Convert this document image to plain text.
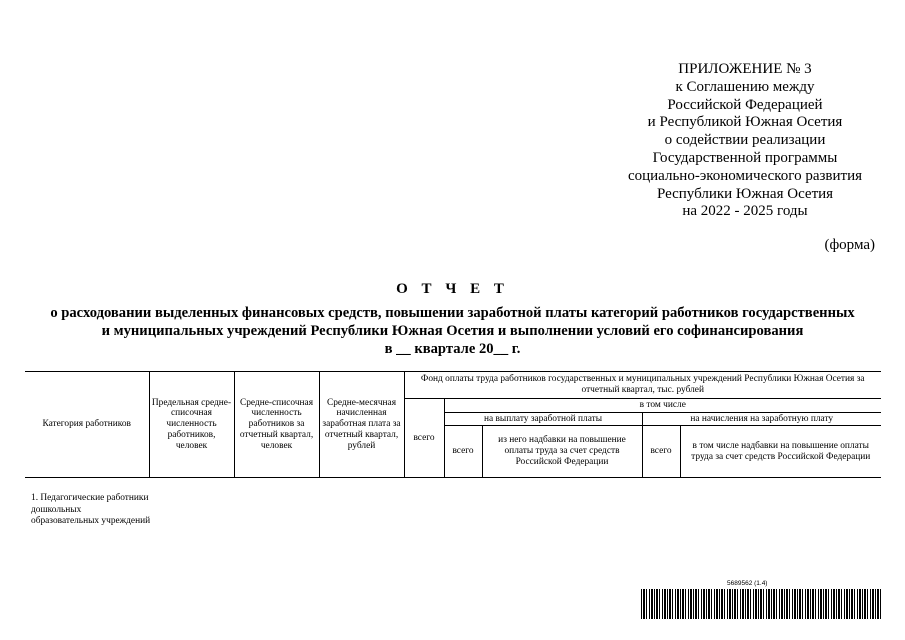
ПРИЛОЖЕНИЕ № 3
к Соглашению между
Российской Федерацией
и Республикой Южная Осетия
о содействии реализации
Государственной программы
социально-экономического развития
Республики Южная Осетия
на 2022 - 2025 годы
(форма)
О Т Ч Е Т
о расходовании выделенных финансовых средств, повышении заработной платы категорий работников государственных
и муниципальных учреждений Республики Южная Осетия и выполнении условий его софинансирования
в __ квартале 20__ г.
Категория работников	Предельная средне-списочная численность работников, человек	Средне-списочная численность работников за отчетный квартал, человек	Средне-месячная начисленная заработная плата за отчетный квартал, рублей	Фонд оплаты труда работников государственных и муниципальных учреждений Республики Южная Осетия за отчетный квартал, тыс. рублей				
				всего	в том числе			
					на выплату заработной платы		на начисления на заработную плату	
					всего	из него надбавки на повышение оплаты труда за счет средств Российской Федерации	всего	в том числе надбавки на повышение оплаты труда за счет средств Российской Федерации

1. Педагогические работники дошкольных образовательных учреждений
5689562 (1.4)
